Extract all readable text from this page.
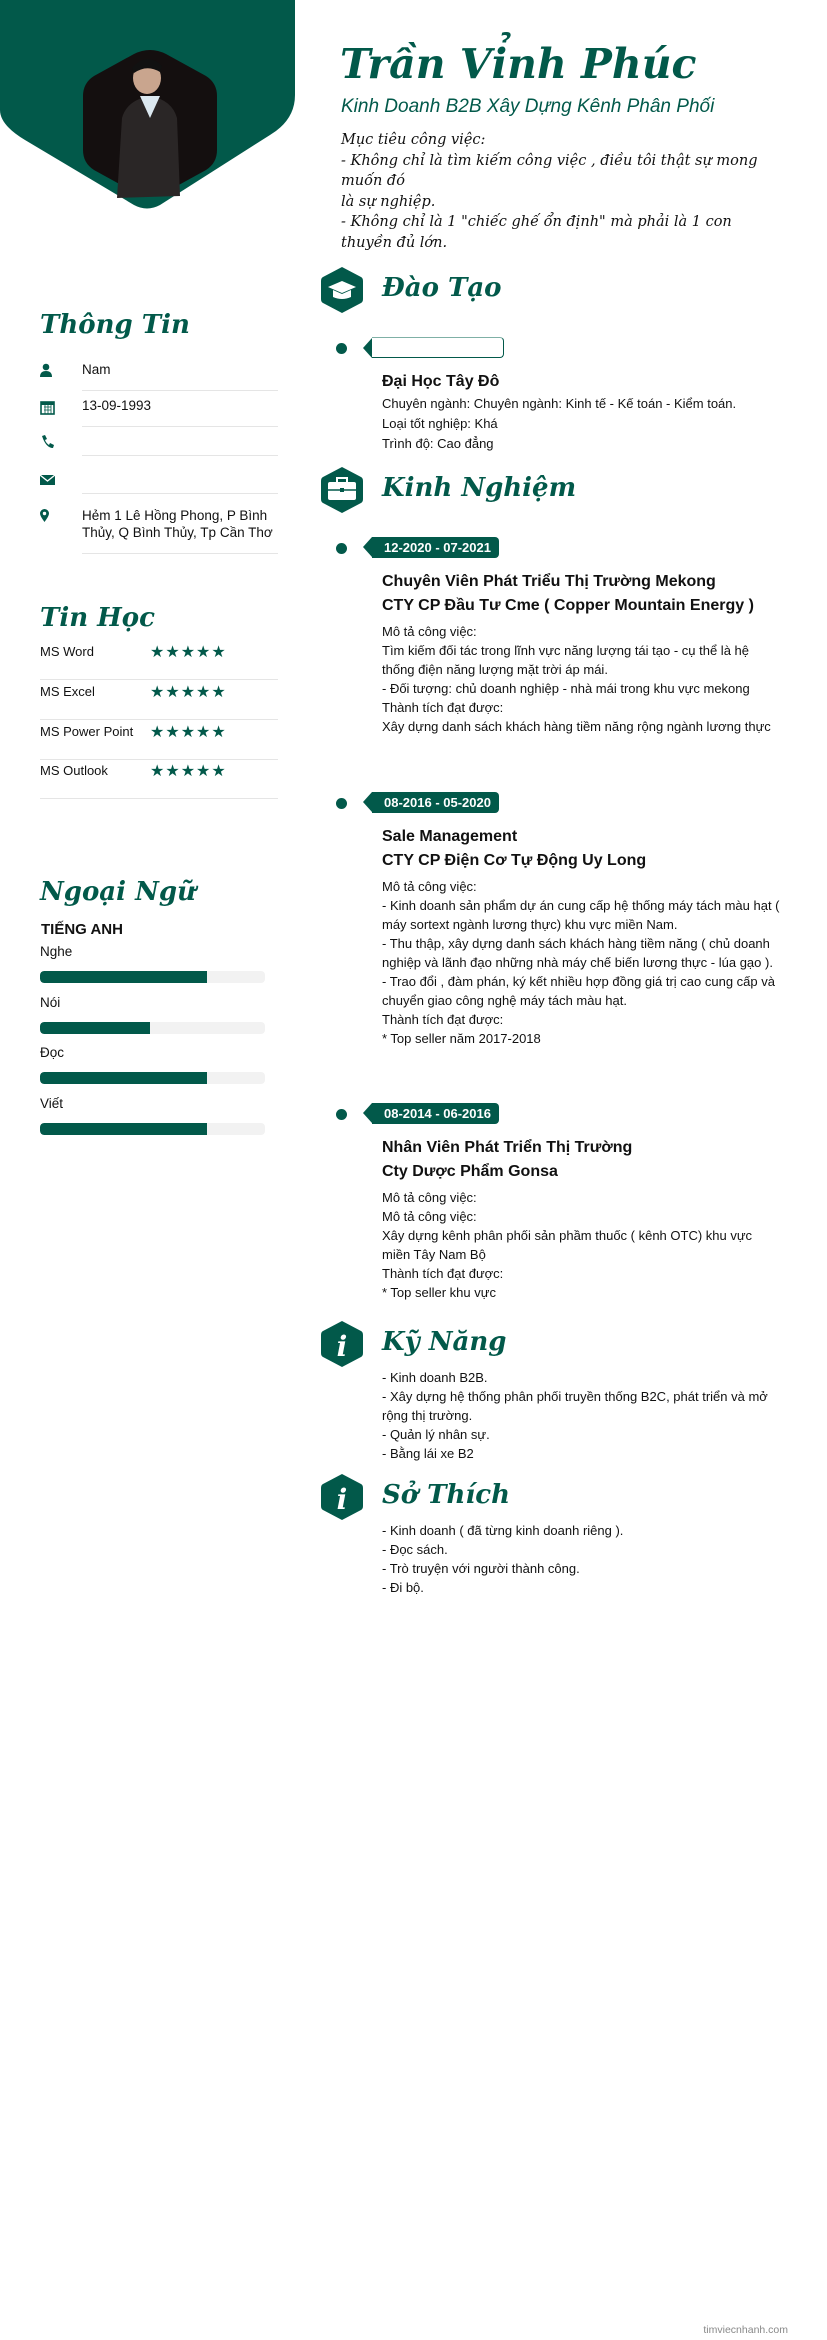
Trần Vỉnh Phúc
Kinh Doanh B2B Xây Dựng Kênh Phân Phối
Mục tiêu công việc:
- Không chỉ là tìm kiếm công việc , điều tôi thật sự mong muốn đó
là sự nghiệp.
- Không chỉ là 1 "chiếc ghế ổn định" mà phải là 1 con thuyền đủ lớn.
Thông Tin
Nam
13-09-1993
Hẻm 1 Lê Hồng Phong, P Bình Thủy, Q Bình Thủy, Tp Cần Thơ
Tin Học
MS Word	★★★★★
MS Excel	★★★★★
MS Power Point ★★★★★
MS Outlook	★★★★★
Ngoại Ngữ
TIẾNG ANH
Nghe
Nói
Đọc
Viết
Đào Tạo
Đại Học Tây Đô
Chuyên ngành: Chuyên ngành: Kinh tế - Kế toán - Kiểm toán.
Loại tốt nghiệp: Khá
Trình độ: Cao đẳng
Kinh Nghiệm
12-2020 - 07-2021
Chuyên Viên Phát Triểu Thị Trường Mekong
CTY CP Đầu Tư Cme ( Copper Mountain Energy )
Mô tả công việc:
Tìm kiếm đối tác trong lĩnh vực năng lượng tái tạo - cụ thể là hệ thống điện năng lượng mặt trời áp mái.
- Đối tượng: chủ doanh nghiệp - nhà mái trong khu vực mekong
Thành tích đạt được:
Xây dựng danh sách khách hàng tiềm năng rộng ngành lương thực
08-2016 - 05-2020
Sale Management
CTY CP Điện Cơ Tự Động Uy Long
Mô tả công việc:
- Kinh doanh sản phẩm dự án cung cấp hệ thống máy tách màu hạt ( máy sortext ngành lương thực) khu vực miền Nam.
- Thu thập, xây dựng danh sách khách hàng tiềm năng ( chủ doanh nghiệp và lãnh đạo những nhà máy chế biến lương thực - lúa gạo ).
- Trao đổi , đàm phán, ký kết nhiều hợp đồng giá trị cao cung cấp và chuyển giao công nghệ máy tách màu hạt.
Thành tích đạt được:
* Top seller năm 2017-2018
08-2014 - 06-2016
Nhân Viên Phát Triển Thị Trường
Cty Dược Phẩm Gonsa
Mô tả công việc:
Mô tả công việc:
Xây dựng kênh phân phối sản phầm thuốc ( kênh OTC) khu vực miền Tây Nam Bộ
Thành tích đạt được:
* Top seller khu vực
i Kỹ Năng
- Kinh doanh B2B.
- Xây dựng hệ thống phân phối truyền thống B2C, phát triển và mở rộng thị trường.
- Quản lý nhân sự.
- Bằng lái xe B2
i Sở Thích
- Kinh doanh ( đã từng kinh doanh riêng ).
- Đọc sách.
- Trò truyện với người thành công.
- Đi bộ.
timviecnhanh.com
